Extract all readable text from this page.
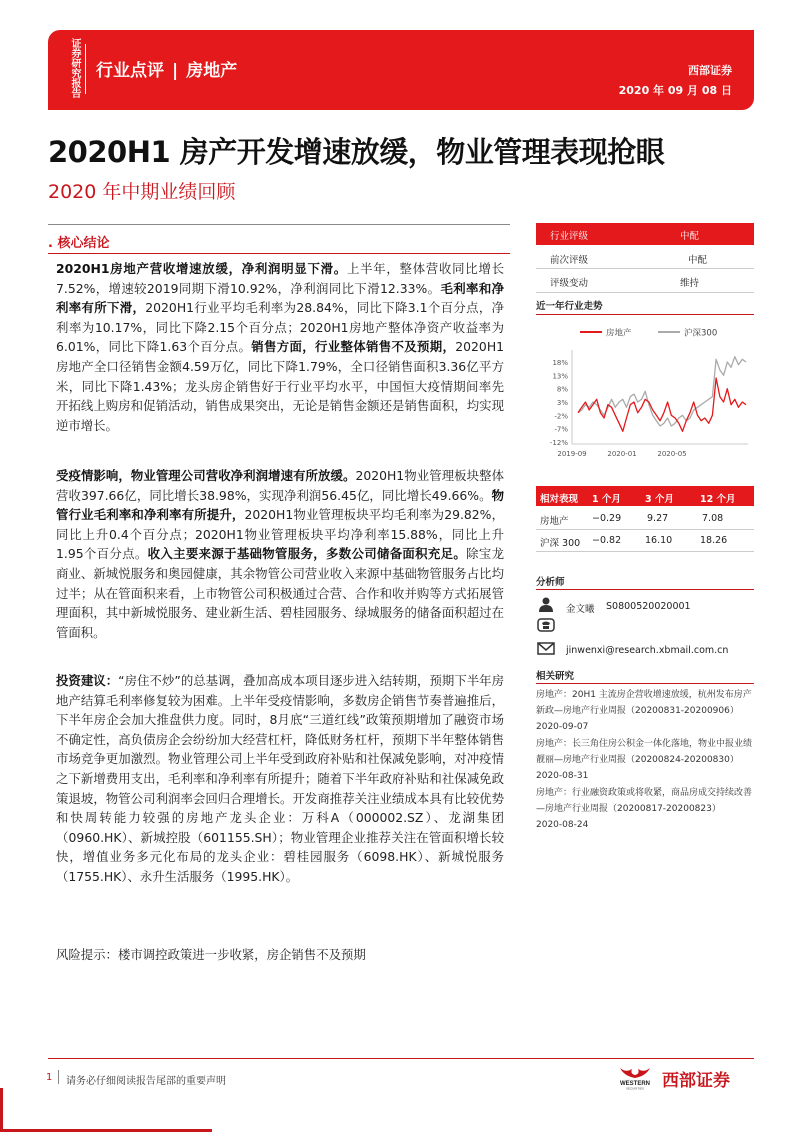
证券研究报告 行业点评 | 房地产	西部证券
2020 年 09 月 08 日
2020H1 房产开发增速放缓，物业管理表现抢眼
2020 年中期业绩回顾
. 核心结论
2020H1房地产营收增速放缓，净利润明显下滑。上半年，整体营收同比增长7.52%，增速较2019同期下滑10.92%，净利润同比下滑12.33%。毛利率和净利率有所下滑，2020H1行业平均毛利率为28.84%，同比下降3.1个百分点，净利率为10.17%，同比下降2.15个百分点；2020H1房地产整体净资产收益率为6.01%，同比下降1.63个百分点。销售方面，行业整体销售不及预期，2020H1房地产全口径销售金额4.59万亿，同比下降1.79%，全口径销售面积3.36亿平方米，同比下降1.43%；龙头房企销售好于行业平均水平，中国恒大疫情期间率先开拓线上购房和促销活动，销售成果突出，无论是销售金额还是销售面积，均实现逆市增长。
受疫情影响，物业管理公司营收净利润增速有所放缓。2020H1物业管理板块整体营收397.66亿，同比增长38.98%，实现净利润56.45亿，同比增长49.66%。物管行业毛利率和净利率有所提升，2020H1物业管理板块平均毛利率为29.82%，同比上升0.4个百分点；2020H1物业管理板块平均净利率15.88%，同比上升1.95个百分点。收入主要来源于基础物管服务，多数公司储备面积充足。除宝龙商业、新城悦服务和奥园健康，其余物管公司营业收入来源中基础物管服务占比均过半；从在管面积来看，上市物管公司积极通过合营、合作和收并购等方式拓展管理面积，其中新城悦服务、建业新生活、碧桂园服务、绿城服务的储备面积超过在管面积。
投资建议：“房住不炒”的总基调，叠加高成本项目逐步进入结转期，预期下半年房地产结算毛利率修复较为困难。上半年受疫情影响，多数房企销售节奏普遍推后，下半年房企会加大推盘供力度。同时，8月底“三道红线”政策预期增加了融资市场不确定性，高负债房企会纷纷加大经营杠杆，降低财务杠杆，预期下半年整体销售市场竞争更加激烈。物业管理公司上半年受到政府补贴和社保减免影响，对冲疫情之下新增费用支出，毛利率和净利率有所提升；随着下半年政府补贴和社保减免政策退坡，物管公司利润率会回归合理增长。开发商推荐关注业绩成本具有比较优势和快周转能力较强的房地产龙头企业：万科A（000002.SZ）、龙湖集团（0960.HK）、新城控股（601155.SH）；物业管理企业推荐关注在管面积增长较快，增值业务多元化布局的龙头企业：碧桂园服务（6098.HK）、新城悦服务（1755.HK）、永升生活服务（1995.HK）。
风险提示：楼市调控政策进一步收紧，房企销售不及预期
行业评级	中配
前次评级	中配
评级变动	维持
近一年行业走势
房地产	沪深300
18%
13%
8%
3%
-2%
-7%
-12%
2019-09	2020-01	2020-05
相对表现 1 个月	3 个月	12 个月
房地产 −0.29	9.27	7.08
沪深 300 −0.82	16.10	18.26
分析师
金文曦 S0800520020001
jinwenxi@research.xbmail.com.cn
相关研究
房地产：20H1 主流房企营收增速放缓，杭州发布房产新政—房地产行业周报（20200831-20200906）
2020-09-07
房地产：长三角住房公积金一体化落地，物业中报业绩靓丽—房地产行业周报（20200824-20200830）
2020-08-31
房地产：行业融资政策或将收紧，商品房成交持续改善—房地产行业周报（20200817-20200823）
2020-08-24
1 请务必仔细阅读报告尾部的重要声明	WESTERN
SECURITIES 西部证券
